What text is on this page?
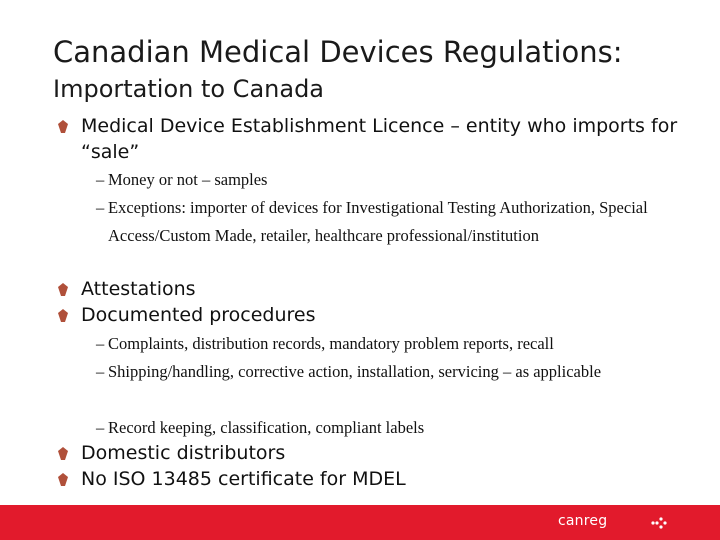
Canadian Medical Devices Regulations:
Importation to Canada
Medical Device Establishment Licence – entity who imports for “sale”
– Money or not – samples
– Exceptions: importer of devices for Investigational Testing Authorization, Special Access/Custom Made, retailer, healthcare professional/institution
Attestations
Documented procedures
– Complaints, distribution records, mandatory problem reports, recall
– Shipping/handling, corrective action, installation, servicing – as applicable
– Record keeping, classification, compliant labels
Domestic distributors
No ISO 13485 certificate for MDEL
canreg
